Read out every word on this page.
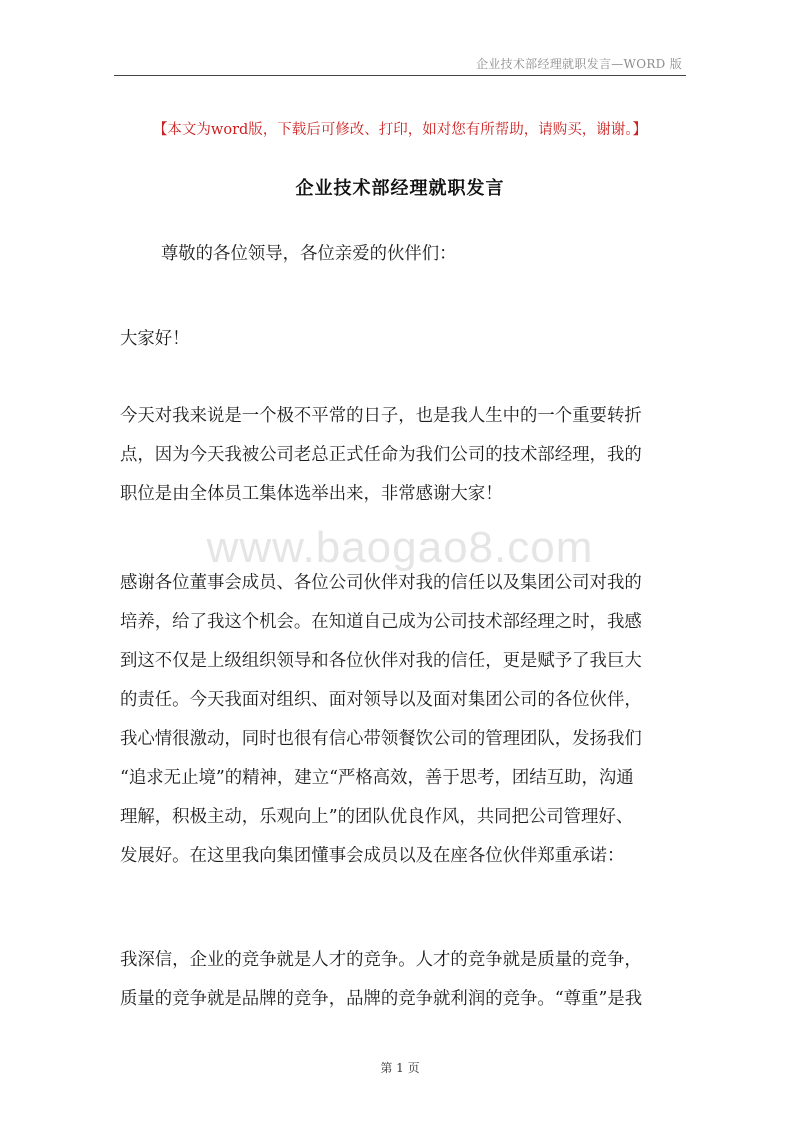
企业技术部经理就职发言—WORD 版
【本文为word版，下载后可修改、打印，如对您有所帮助，请购买，谢谢。】
企业技术部经理就职发言

尊敬的各位领导，各位亲爱的伙伴们：

大家好！

今天对我来说是一个极不平常的日子，也是我人生中的一个重要转折
点，因为今天我被公司老总正式任命为我们公司的技术部经理，我的
职位是由全体员工集体选举出来，非常感谢大家！

www.baogao8.com

感谢各位董事会成员、各位公司伙伴对我的信任以及集团公司对我的
培养，给了我这个机会。在知道自己成为公司技术部经理之时，我感
到这不仅是上级组织领导和各位伙伴对我的信任，更是赋予了我巨大
的责任。今天我面对组织、面对领导以及面对集团公司的各位伙伴，
我心情很激动，同时也很有信心带领餐饮公司的管理团队，发扬我们
“追求无止境”的精神，建立“严格高效，善于思考，团结互助，沟通
理解，积极主动，乐观向上”的团队优良作风，共同把公司管理好、
发展好。在这里我向集团懂事会成员以及在座各位伙伴郑重承诺：

我深信，企业的竞争就是人才的竞争。人才的竞争就是质量的竞争，
质量的竞争就是品牌的竞争，品牌的竞争就利润的竞争。“尊重”是我

第 1 页
